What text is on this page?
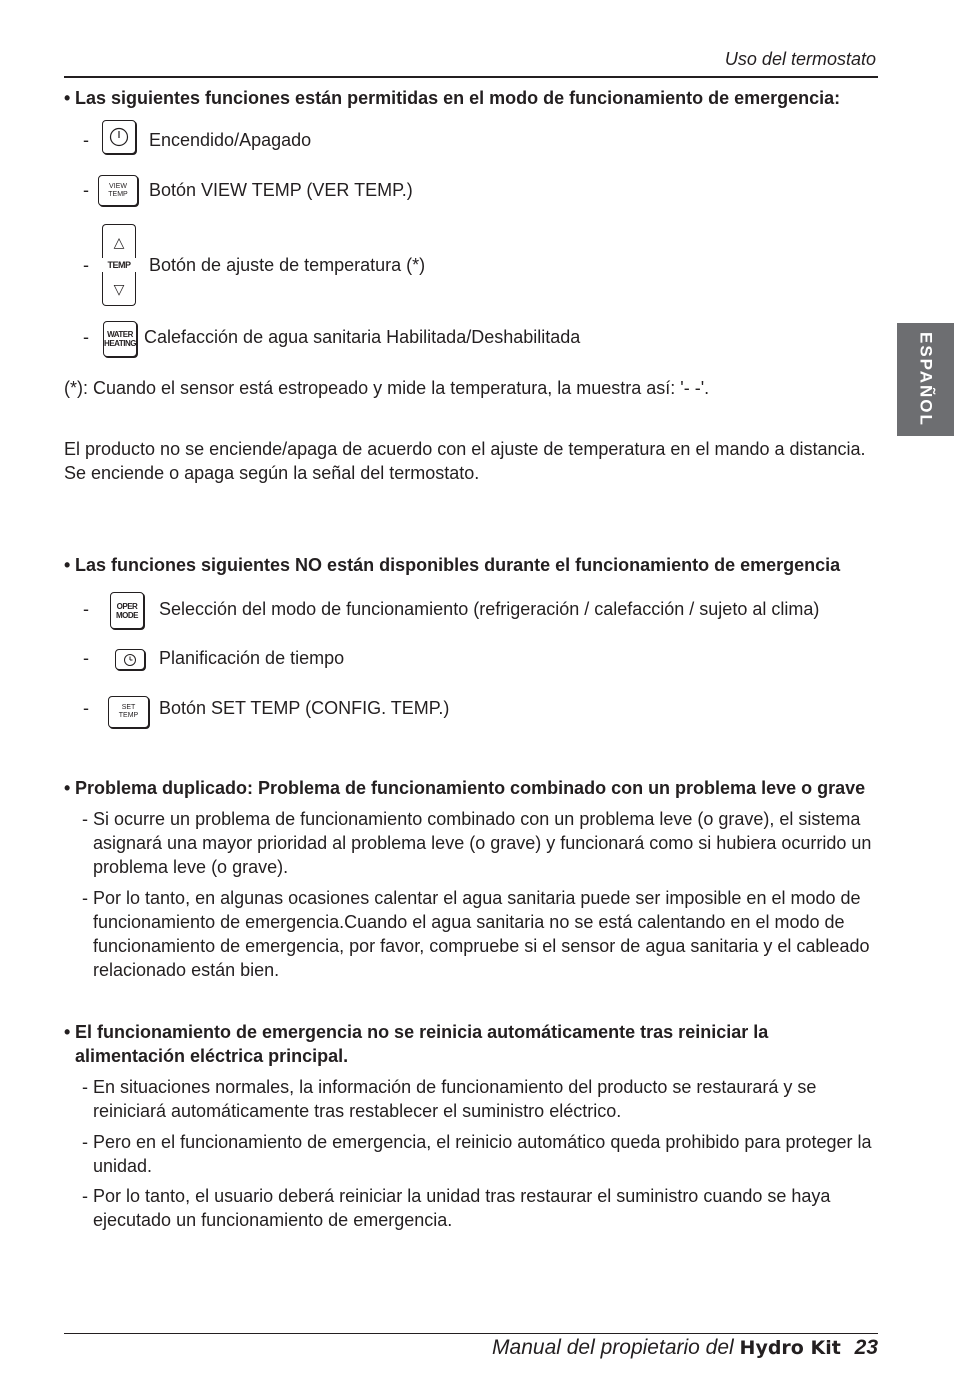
Uso del termostato
ESPAÑOL
• Las siguientes funciones están permitidas en el modo de funcionamiento de emergencia:
-	Encendido/Apagado
-	VIEW
TEMP Botón VIEW TEMP (VER TEMP.)
-
△
TEMP
▽
Botón de ajuste de temperatura (*)
- WATER
HEATING Calefacción de agua sanitaria Habilitada/Deshabilitada
(*): Cuando el sensor está estropeado y mide la temperatura, la muestra así: '- -'.
El producto no se enciende/apaga de acuerdo con el ajuste de temperatura en el mando a distancia.
Se enciende o apaga según la señal del termostato.
• Las funciones siguientes NO están disponibles durante el funcionamiento de emergencia
-	OPER
MODE Selección del modo de funcionamiento (refrigeración / calefacción / sujeto al clima)
-	Planificación de tiempo
-	SET
TEMP Botón SET TEMP (CONFIG. TEMP.)
• Problema duplicado: Problema de funcionamiento combinado con un problema leve o grave
- Si ocurre un problema de funcionamiento combinado con un problema leve (o grave), el sistema asignará una mayor prioridad al problema leve (o grave) y funcionará como si hubiera ocurrido un problema leve (o grave).
- Por lo tanto, en algunas ocasiones calentar el agua sanitaria puede ser imposible en el modo de funcionamiento de emergencia.Cuando el agua sanitaria no se está calentando en el modo de funcionamiento de emergencia, por favor, compruebe si el sensor de agua sanitaria y el cableado relacionado están bien.
• El funcionamiento de emergencia no se reinicia automáticamente tras reiniciar la
alimentación eléctrica principal.
- En situaciones normales, la información de funcionamiento del producto se restaurará y se reiniciará automáticamente tras restablecer el suministro eléctrico.
- Pero en el funcionamiento de emergencia, el reinicio automático queda prohibido para proteger la unidad.
- Por lo tanto, el usuario deberá reiniciar la unidad tras restaurar el suministro cuando se haya ejecutado un funcionamiento de emergencia.
Manual del propietario del Hydro Kit 23
